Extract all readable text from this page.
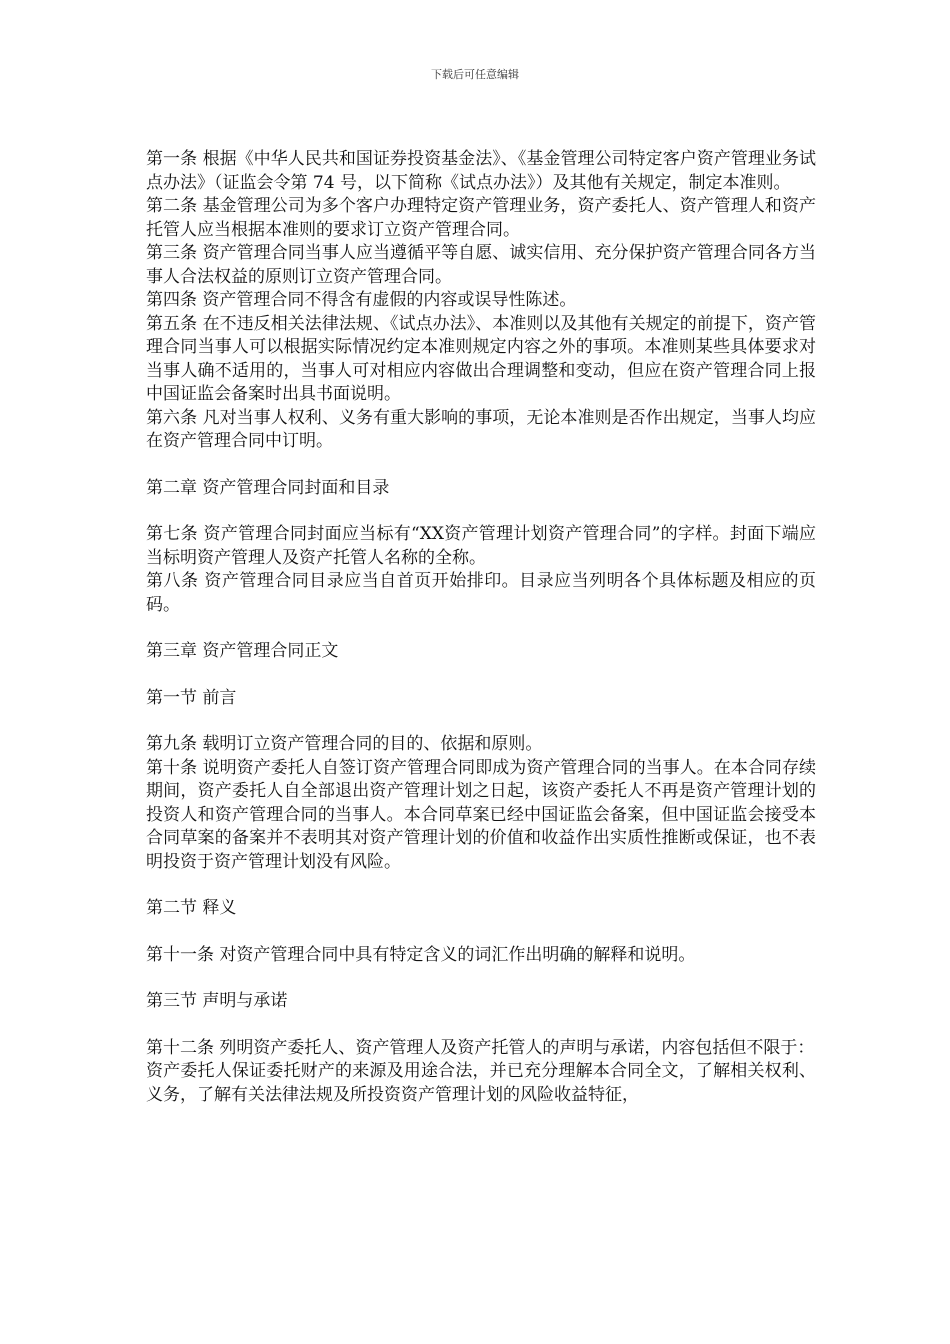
下载后可任意编辑

第一条 根据《中华人民共和国证券投资基金法》、《基金管理公司特定客户资产管理业务试点办法》（证监会令第 74 号，以下简称《试点办法》）及其他有关规定，制定本准则。

第二条 基金管理公司为多个客户办理特定资产管理业务，资产委托人、资产管理人和资产托管人应当根据本准则的要求订立资产管理合同。

第三条 资产管理合同当事人应当遵循平等自愿、诚实信用、充分保护资产管理合同各方当事人合法权益的原则订立资产管理合同。

第四条 资产管理合同不得含有虚假的内容或误导性陈述。

第五条 在不违反相关法律法规、《试点办法》、本准则以及其他有关规定的前提下，资产管理合同当事人可以根据实际情况约定本准则规定内容之外的事项。本准则某些具体要求对当事人确不适用的，当事人可对相应内容做出合理调整和变动，但应在资产管理合同上报中国证监会备案时出具书面说明。

第六条 凡对当事人权利、义务有重大影响的事项，无论本准则是否作出规定，当事人均应在资产管理合同中订明。

第二章 资产管理合同封面和目录

第七条 资产管理合同封面应当标有“XX资产管理计划资产管理合同”的字样。封面下端应当标明资产管理人及资产托管人名称的全称。

第八条 资产管理合同目录应当自首页开始排印。目录应当列明各个具体标题及相应的页码。

第三章 资产管理合同正文

第一节 前言

第九条 载明订立资产管理合同的目的、依据和原则。

第十条 说明资产委托人自签订资产管理合同即成为资产管理合同的当事人。在本合同存续期间，资产委托人自全部退出资产管理计划之日起，该资产委托人不再是资产管理计划的投资人和资产管理合同的当事人。本合同草案已经中国证监会备案，但中国证监会接受本合同草案的备案并不表明其对资产管理计划的价值和收益作出实质性推断或保证，也不表明投资于资产管理计划没有风险。

第二节 释义

第十一条 对资产管理合同中具有特定含义的词汇作出明确的解释和说明。

第三节 声明与承诺

第十二条 列明资产委托人、资产管理人及资产托管人的声明与承诺，内容包括但不限于：

资产委托人保证委托财产的来源及用途合法，并已充分理解本合同全文，了解相关权利、义务，了解有关法律法规及所投资资产管理计划的风险收益特征，
